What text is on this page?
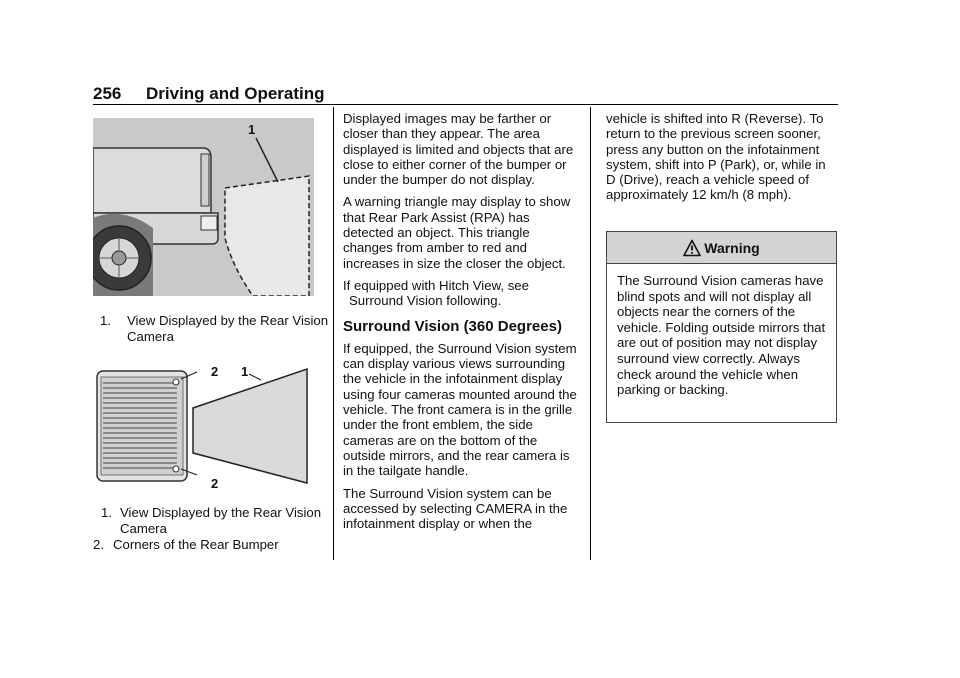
256 Driving and Operating
1
1. View Displayed by the Rear Vision Camera
2 1
2
1. View Displayed by the Rear Vision Camera
2. Corners of the Rear Bumper

Displayed images may be farther or closer than they appear. The area displayed is limited and objects that are close to either corner of the bumper or under the bumper do not display.

A warning triangle may display to show that Rear Park Assist (RPA) has detected an object. This triangle changes from amber to red and increases in size the closer the object.

If equipped with Hitch View, see
Surround Vision following.

Surround Vision (360 Degrees)

If equipped, the Surround Vision system can display various views surrounding the vehicle in the infotainment display using four cameras mounted around the vehicle. The front camera is in the grille under the front emblem, the side cameras are on the bottom of the outside mirrors, and the rear camera is in the tailgate handle.

The Surround Vision system can be accessed by selecting CAMERA in the infotainment display or when the

vehicle is shifted into R (Reverse). To return to the previous screen sooner, press any button on the infotainment system, shift into P (Park), or, while in D (Drive), reach a vehicle speed of approximately 12 km/h (8 mph).

Warning
The Surround Vision cameras have blind spots and will not display all objects near the corners of the vehicle. Folding outside mirrors that are out of position may not display surround view correctly. Always check around the vehicle when parking or backing.
